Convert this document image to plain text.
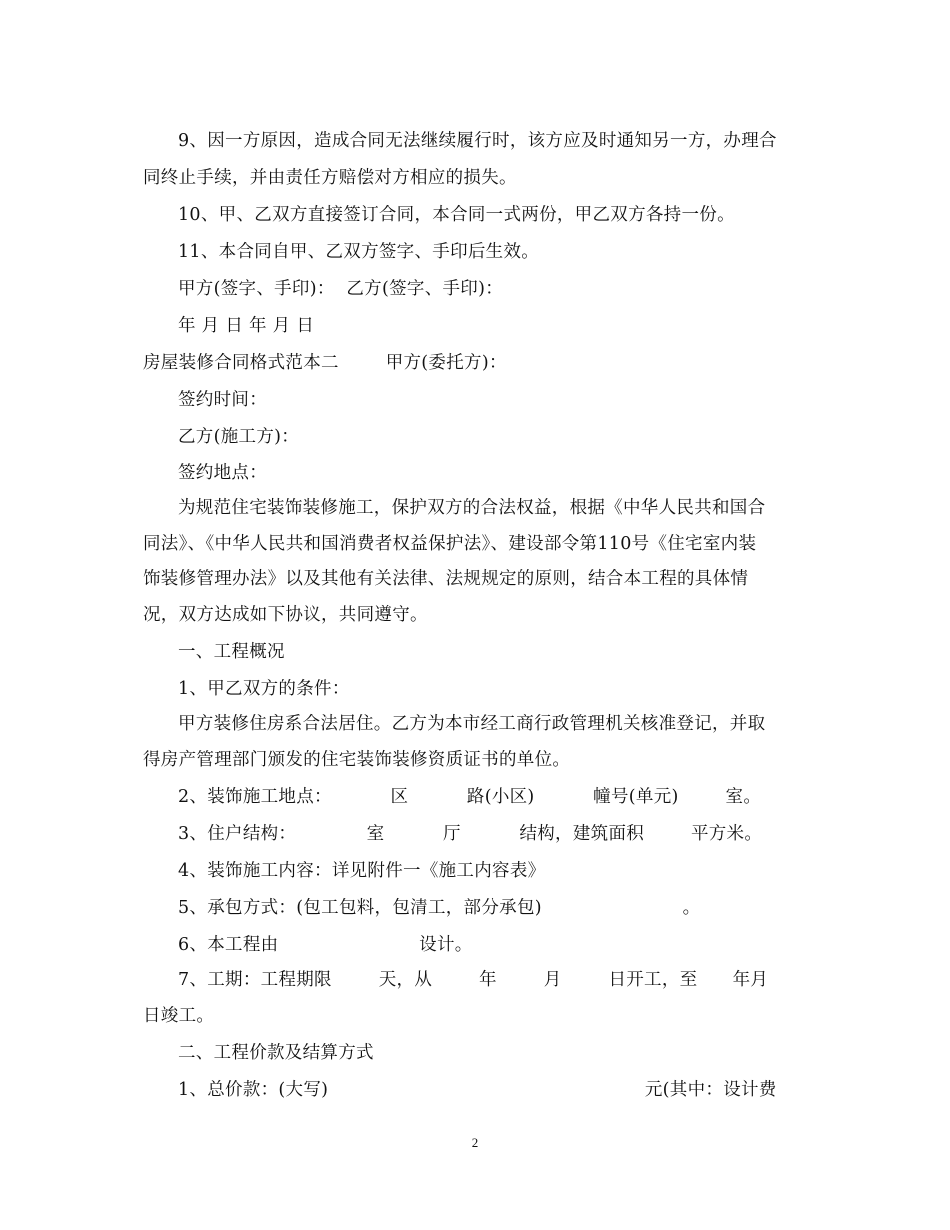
9、因一方原因，造成合同无法继续履行时，该方应及时通知另一方，办理合
同终止手续，并由责任方赔偿对方相应的损失。
10、甲、乙双方直接签订合同，本合同一式两份，甲乙双方各持一份。
11、本合同自甲、乙双方签字、手印后生效。
甲方(签字、手印)：  乙方(签字、手印)：
年 月 日 年 月 日
房屋装修合同格式范本二        甲方(委托方)：
签约时间：
乙方(施工方)：
签约地点：
为规范住宅装饰装修施工，保护双方的合法权益，根据《中华人民共和国合
同法》、《中华人民共和国消费者权益保护法》、建设部令第110号《住宅室内装
饰装修管理办法》以及其他有关法律、法规规定的原则，结合本工程的具体情
况，双方达成如下协议，共同遵守。
一、工程概况
1、甲乙双方的条件：
甲方装修住房系合法居住。乙方为本市经工商行政管理机关核准登记，并取
得房产管理部门颁发的住宅装饰装修资质证书的单位。
2、装饰施工地点：          区          路(小区)          幢号(单元)        室。
3、住户结构：            室          厅          结构，建筑面积        平方米。
4、装饰施工内容：详见附件一《施工内容表》
5、承包方式：(包工包料，包清工，部分承包)                        。
6、本工程由                        设计。
7、工期：工程期限        天，从        年        月        日开工，至      年月
日竣工。
二、工程价款及结算方式
1、总价款：(大写)                                                      元(其中：设计费
2
